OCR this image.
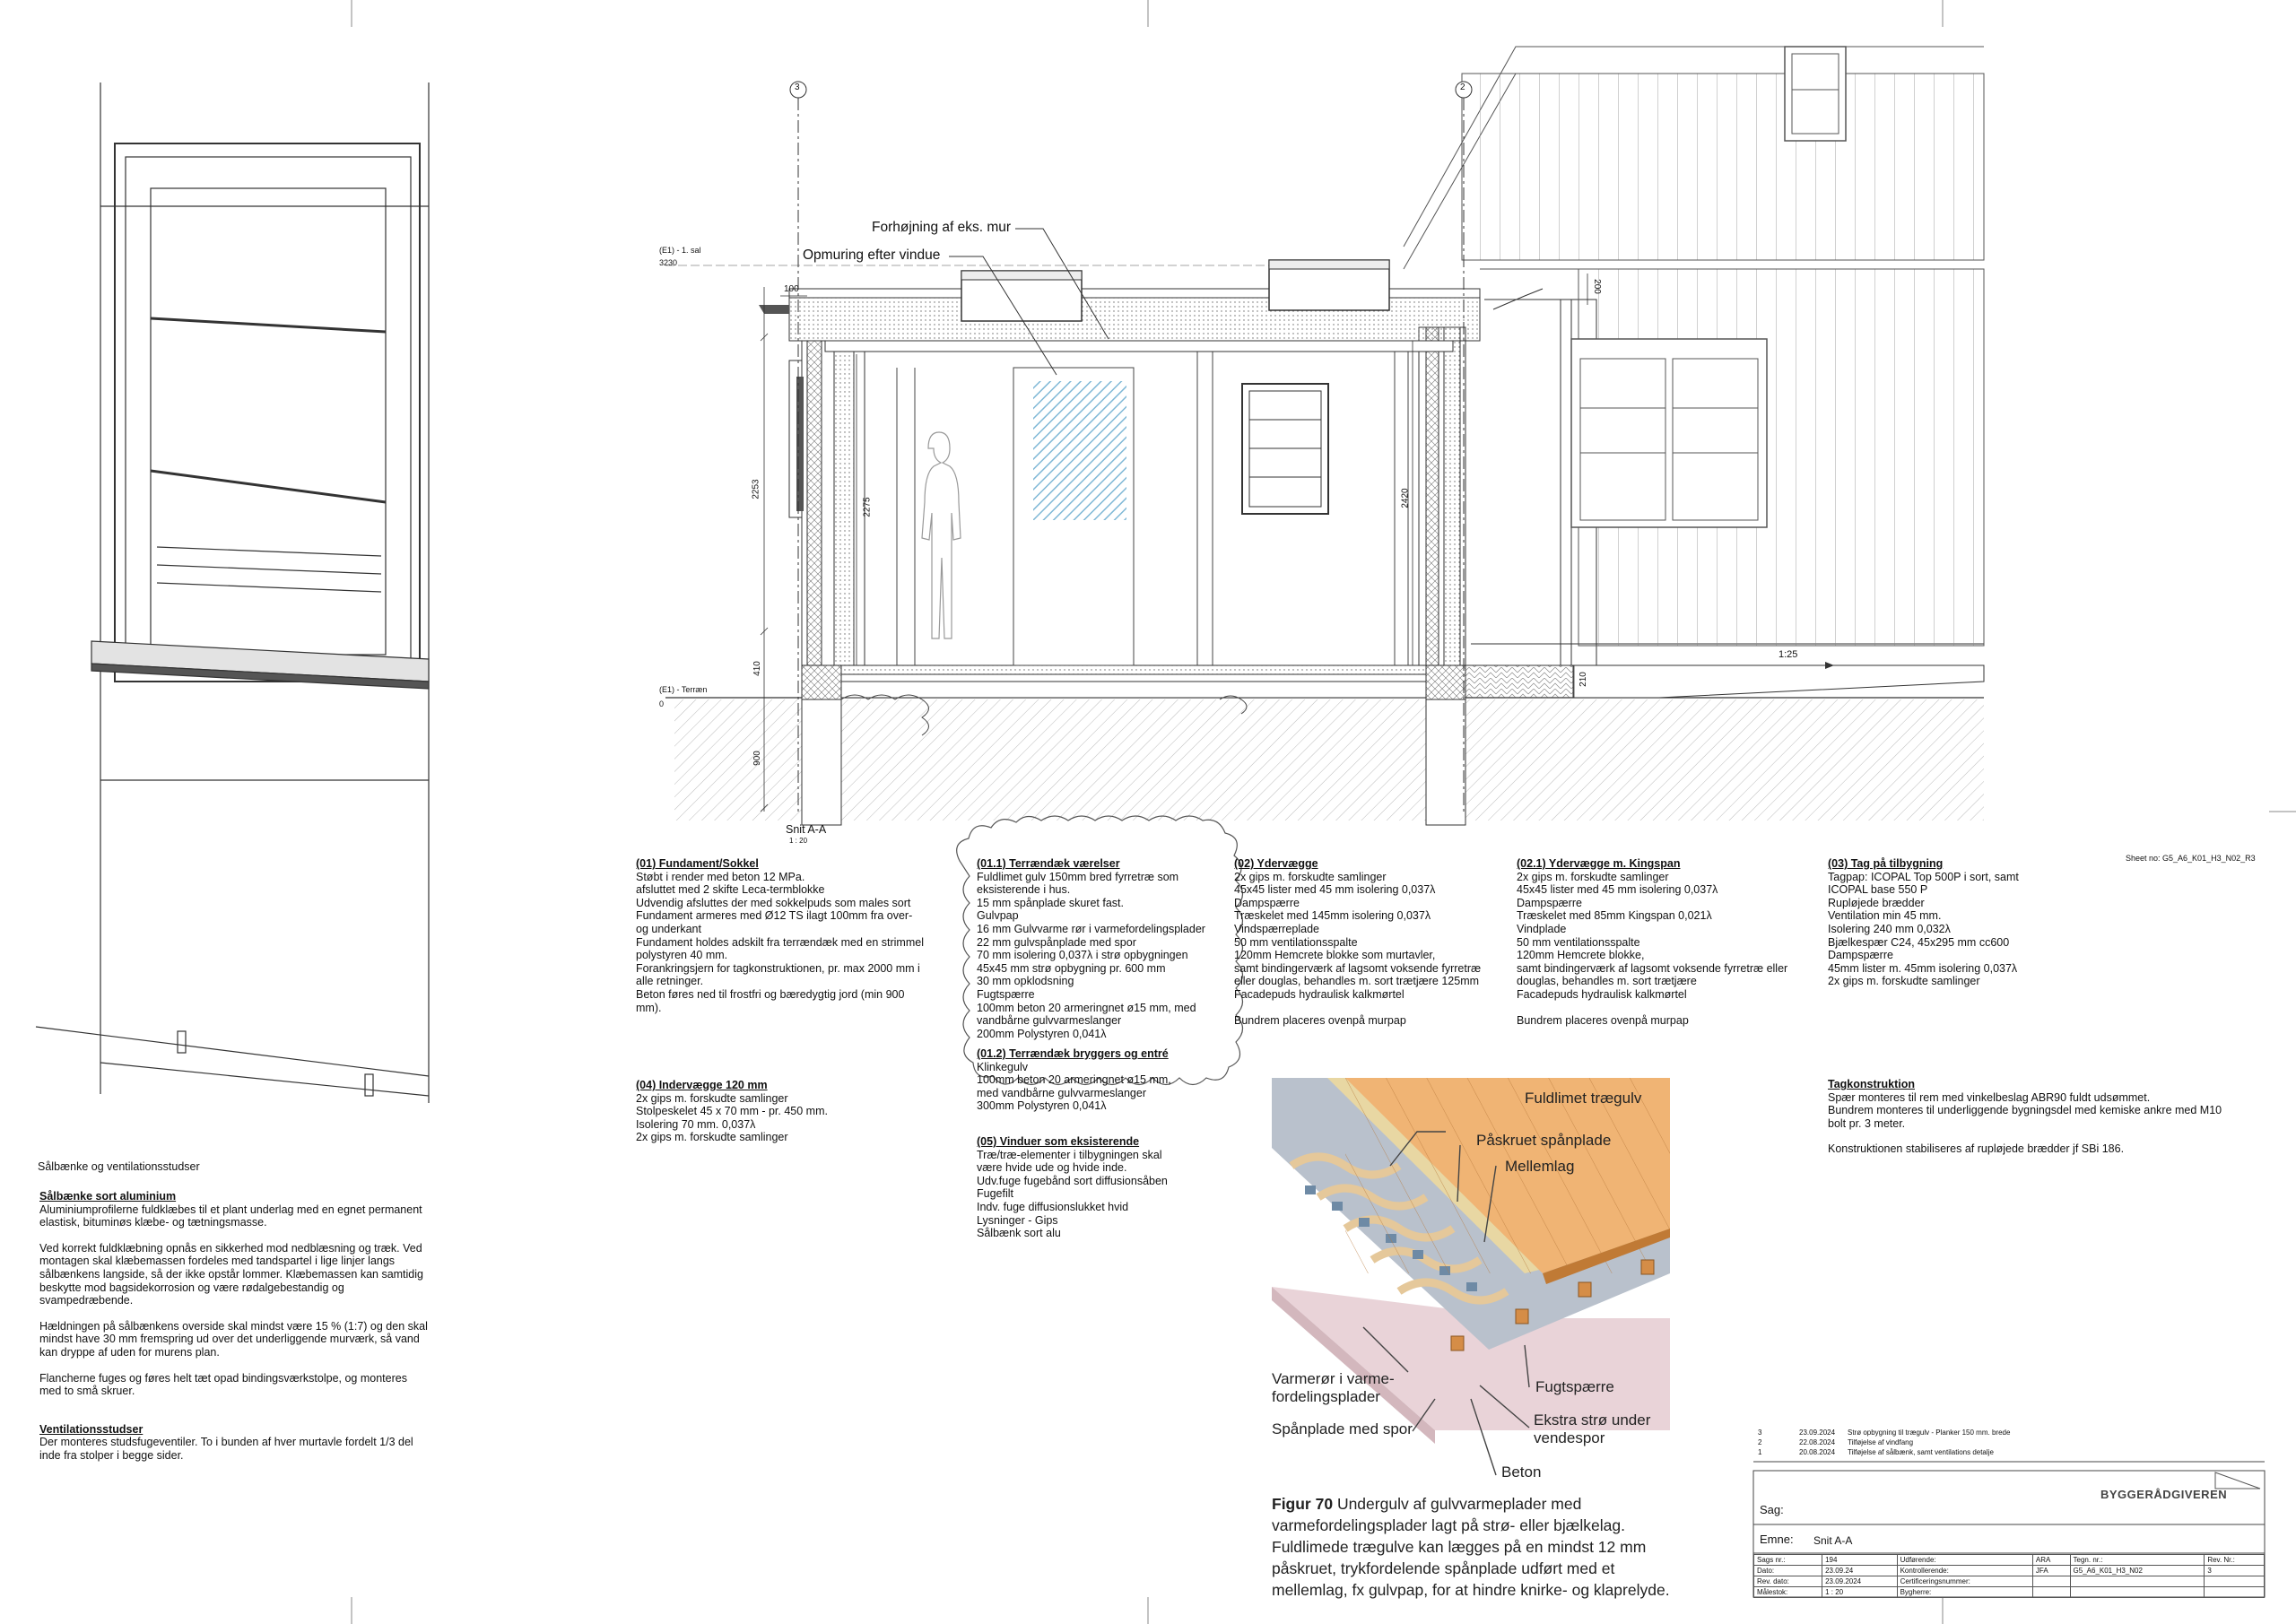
3	2
(E1) - 1. sal
3230
(E1) - Terræn
0
Forhøjning af eks. mur
Opmuring efter vindue
1:25
100	200
2253
2275	2420
410
900
210
Snit A-A
1 : 20
Sheet no: G5_A6_K01_H3_N02_R3
(01) Fundament/Sokkel
Støbt i render med beton 12 MPa.
afsluttet med 2 skifte Leca-termblokke
Udvendig afsluttes der med sokkelpuds som males sort
Fundament armeres med Ø12 TS ilagt 100mm fra over-
og underkant
Fundament holdes adskilt fra terrændæk med en strimmel
polystyren 40 mm.
Forankringsjern for tagkonstruktionen, pr. max 2000 mm i
alle retninger.
Beton føres ned til frostfri og bæredygtig jord (min 900
mm).
(04) Indervægge 120 mm
2x gips m. forskudte samlinger
Stolpeskelet 45 x 70 mm - pr. 450 mm.
Isolering 70 mm. 0,037λ
2x gips m. forskudte samlinger
(01.1) Terrændæk værelser
Fuldlimet gulv 150mm bred fyrretræ som
eksisterende i hus.
15 mm spånplade skuret fast.
Gulvpap
16 mm Gulvvarme rør i varmefordelingsplader
22 mm gulvspånplade med spor
70 mm isolering 0,037λ i strø opbygningen
45x45 mm strø opbygning pr. 600 mm
30 mm opklodsning
Fugtspærre
100mm beton 20 armeringnet ø15 mm, med
vandbårne gulvvarmeslanger
200mm Polystyren 0,041λ
(01.2) Terrændæk bryggers og entré
Klinkegulv
100mm beton 20 armeringnet ø15 mm,
med vandbårne gulvvarmeslanger
300mm Polystyren 0,041λ
(05) Vinduer som eksisterende
Træ/træ-elementer i tilbygningen skal
være hvide ude og hvide inde.
Udv.fuge fugebånd sort diffusionsåben
Fugefilt
Indv. fuge diffusionslukket hvid
Lysninger - Gips
Sålbænk sort alu
(02) Ydervægge
2x gips m. forskudte samlinger
45x45 lister med 45 mm isolering 0,037λ
Dampspærre
Træskelet med 145mm isolering 0,037λ
Vindspærreplade
50 mm ventilationsspalte
120mm Hemcrete blokke som murtavler,
samt bindingerværk af lagsomt voksende fyrretræ
eller douglas, behandles m. sort trætjære 125mm
Facadepuds hydraulisk kalkmørtel
Bundrem placeres ovenpå murpap
(02.1) Ydervægge m. Kingspan
2x gips m. forskudte samlinger
45x45 lister med 45 mm isolering 0,037λ
Dampspærre
Træskelet med 85mm Kingspan 0,021λ
Vindplade
50 mm ventilationsspalte
120mm Hemcrete blokke,
samt bindingerværk af lagsomt voksende fyrretræ eller
douglas, behandles m. sort trætjære
Facadepuds hydraulisk kalkmørtel
Bundrem placeres ovenpå murpap
(03) Tag på tilbygning
Tagpap: ICOPAL Top 500P i sort, samt
ICOPAL base 550 P
Rupløjede brædder
Ventilation min 45 mm.
Isolering 240 mm 0,032λ
Bjælkespær C24, 45x295 mm cc600
Dampspærre
45mm lister m. 45mm isolering 0,037λ
2x gips m. forskudte samlinger
Tagkonstruktion
Spær monteres til rem med vinkelbeslag ABR90 fuldt udsømmet.
Bundrem monteres til underliggende bygningsdel med kemiske ankre med M10
bolt pr. 3 meter.
Konstruktionen stabiliseres af rupløjede brædder jf SBi 186.
Sålbænke og ventilationsstudser
Sålbænke sort aluminium
Aluminiumprofilerne fuldklæbes til et plant underlag med en egnet permanent
elastisk, bituminøs klæbe- og tætningsmasse.
Ved korrekt fuldklæbning opnås en sikkerhed mod nedblæsning og træk. Ved
montagen skal klæbemassen fordeles med tandspartel i lige linjer langs
sålbænkens langside, så der ikke opstår lommer. Klæbemassen kan samtidig
beskytte mod bagsidekorrosion og være rødalgebestandig og
svampedræbende.
Hældningen på sålbænkens overside skal mindst være 15 % (1:7) og den skal
mindst have 30 mm fremspring ud over det underliggende murværk, så vand
kan dryppe af uden for murens plan.
Flancherne fuges og føres helt tæt opad bindingsværkstolpe, og monteres
med to små skruer.
Ventilationsstudser
Der monteres studsfugeventiler. To i bunden af hver murtavle fordelt 1/3 del
inde fra stolper i begge sider.
Fuldlimet trægulv
Påskruet spånplade
Mellemlag
Varmerør i varme-
fordelingsplader
Spånplade med spor
Fugtspærre
Ekstra strø under
vendespor
Beton
Figur 70 Undergulv af gulvvarmeplader med varmefordelingsplader lagt på strø- eller bjælkelag. Fuldlimede trægulve kan lægges på en mindst 12 mm påskruet, trykfordelende spånplade udført med et mellemlag, fx gulvpap, for at hindre knirke- og klaprelyde.
3	23.09.2024 Strø opbygning til trægulv - Planker 150 mm. brede
2	22.08.2024 Tilføjelse af vindfang
1	20.08.2024 Tilføjelse af sålbænk, samt ventilations detalje
BYGGERÅDGIVEREN
Sag:
Emne: Snit A-A
Sags nr.:	194	Udførende:	ARA	Tegn. nr.:	Rev. Nr.:
Dato:	23.09.24	Kontrollerende:	JFA	G5_A6_K01_H3_N02	3
Rev. dato:	23.09.2024	Certificeringsnummer:			
Målestok:	1 : 20	Bygherre:			
